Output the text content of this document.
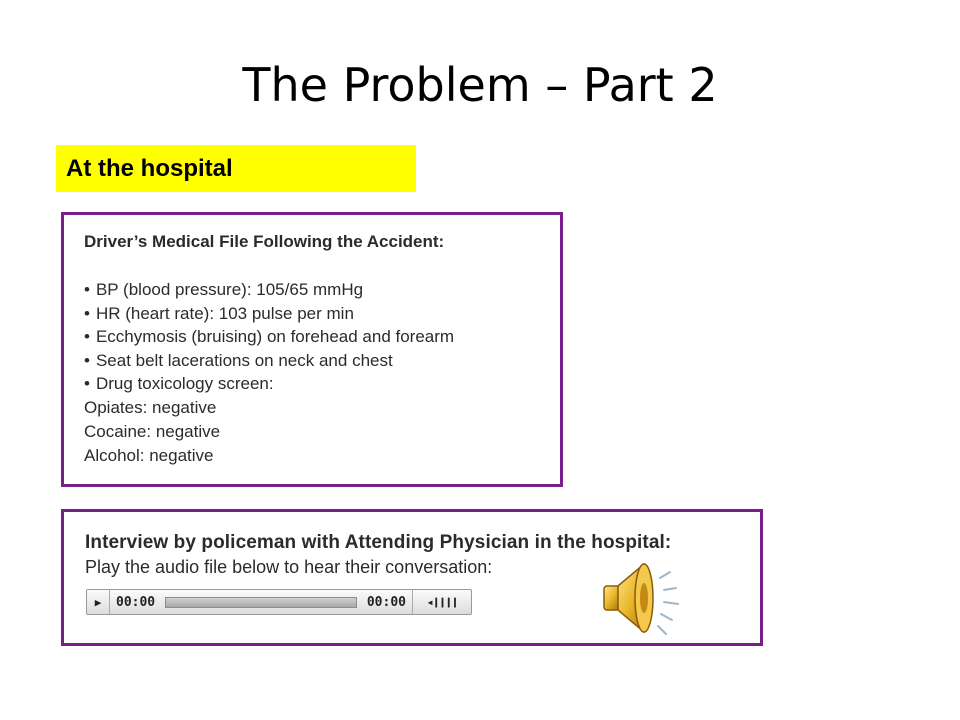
The Problem – Part 2
At the hospital
Driver’s Medical File Following the Accident:
• BP (blood pressure): 105/65 mmHg
• HR (heart rate): 103 pulse per min
• Ecchymosis (bruising) on forehead and forearm
• Seat belt lacerations on neck and chest
• Drug toxicology screen:
Opiates: negative
Cocaine: negative
Alcohol: negative
Interview by policeman with Attending Physician in the hospital:
Play the audio file below to hear their conversation:
▶	00:00	00:00	◂❙❙❙❙
